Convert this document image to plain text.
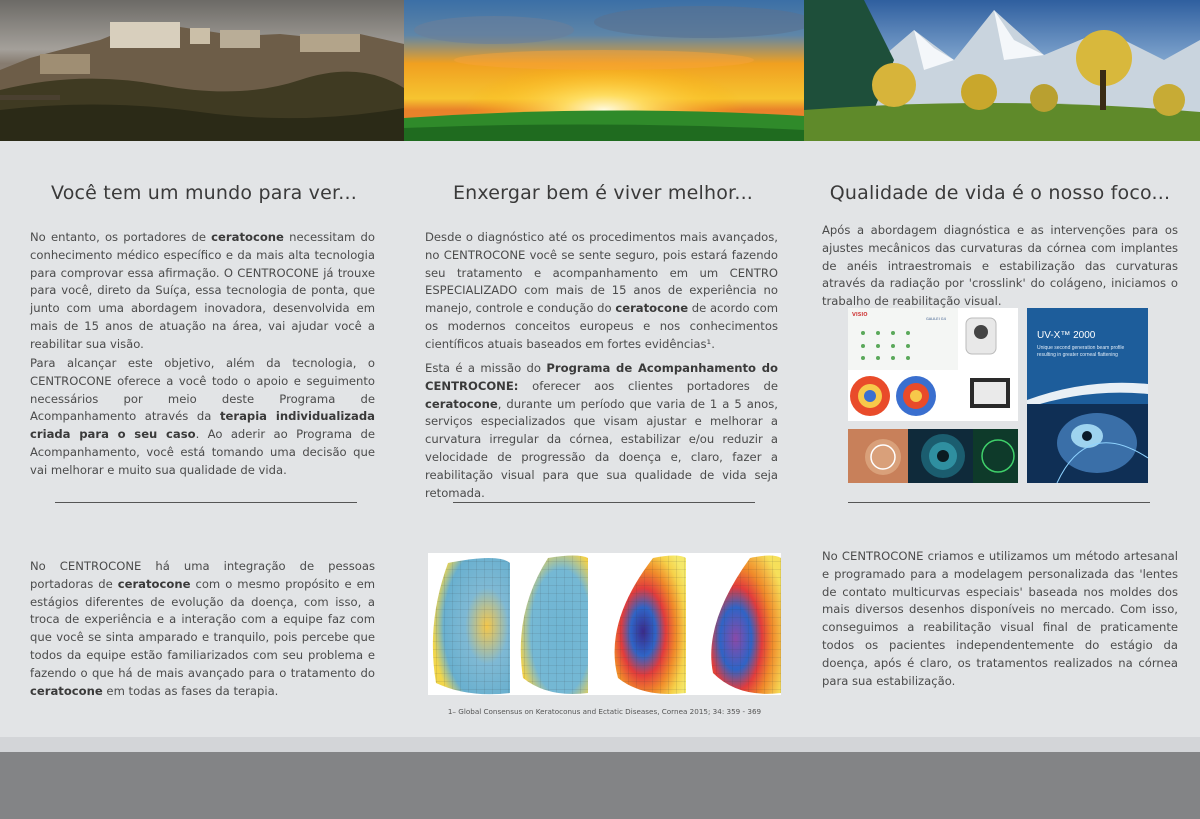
Você tem um mundo para ver...

No entanto, os portadores de ceratocone necessitam do conhecimento médico específico e da mais alta tecnologia para comprovar essa afirmação. O CENTROCONE já trouxe para você, direto da Suíça, essa tecnologia de ponta, que junto com uma abordagem inovadora, desenvolvida em mais de 15 anos de atuação na área, vai ajudar você a reabilitar sua visão.

Para alcançar este objetivo, além da tecnologia, o CENTROCONE oferece a você todo o apoio e seguimento necessários por meio deste Programa de Acompanhamento através da terapia individualizada criada para o seu caso. Ao aderir ao Programa de Acompanhamento, você está tomando uma decisão que vai melhorar e muito sua qualidade de vida.

No CENTROCONE há uma integração de pessoas portadoras de ceratocone com o mesmo propósito e em estágios diferentes de evolução da doença, com isso, a troca de experiência e a interação com a equipe faz com que você se sinta amparado e tranquilo, pois percebe que todos da equipe estão familiarizados com seu problema e fazendo o que há de mais avançado para o tratamento do ceratocone em todas as fases da terapia.

Enxergar bem é viver melhor...

Desde o diagnóstico até os procedimentos mais avançados, no CENTROCONE você se sente seguro, pois estará fazendo seu tratamento e acompanhamento em um CENTRO ESPECIALIZADO com mais de 15 anos de experiência no manejo, controle e condução do ceratocone de acordo com os modernos conceitos europeus e nos conhecimentos científicos atuais baseados em fortes evidências¹.

Esta é a missão do Programa de Acompanhamento do CENTROCONE: oferecer aos clientes portadores de ceratocone, durante um período que varia de 1 a 5 anos, serviços especializados que visam ajustar e melhorar a curvatura irregular da córnea, estabilizar e/ou reduzir a velocidade de progressão da doença e, claro, fazer a reabilitação visual para que sua qualidade de vida seja retomada.

1– Global Consensus on Keratoconus and Ectatic Diseases, Cornea 2015; 34: 359 - 369
Qualidade de vida é o nosso foco...

Após a abordagem diagnóstica e as intervenções para os ajustes mecânicos das curvaturas da córnea com implantes de anéis intraestromais e estabilização das curvaturas através da radiação por 'crosslink' do colágeno, iniciamos o trabalho de reabilitação visual.

VISIO
GALILEI G4
UV-X™ 2000
Unique second generation beam profile resulting in greater corneal flattening

No CENTROCONE criamos e utilizamos um método artesanal e programado para a modelagem personalizada das 'lentes de contato multicurvas especiais' baseada nos moldes dos mais diversos desenhos disponíveis no mercado. Com isso, conseguimos a reabilitação visual final de praticamente todos os pacientes independentemente do estágio da doença, após é claro, os tratamentos realizados na córnea para sua estabilização.
